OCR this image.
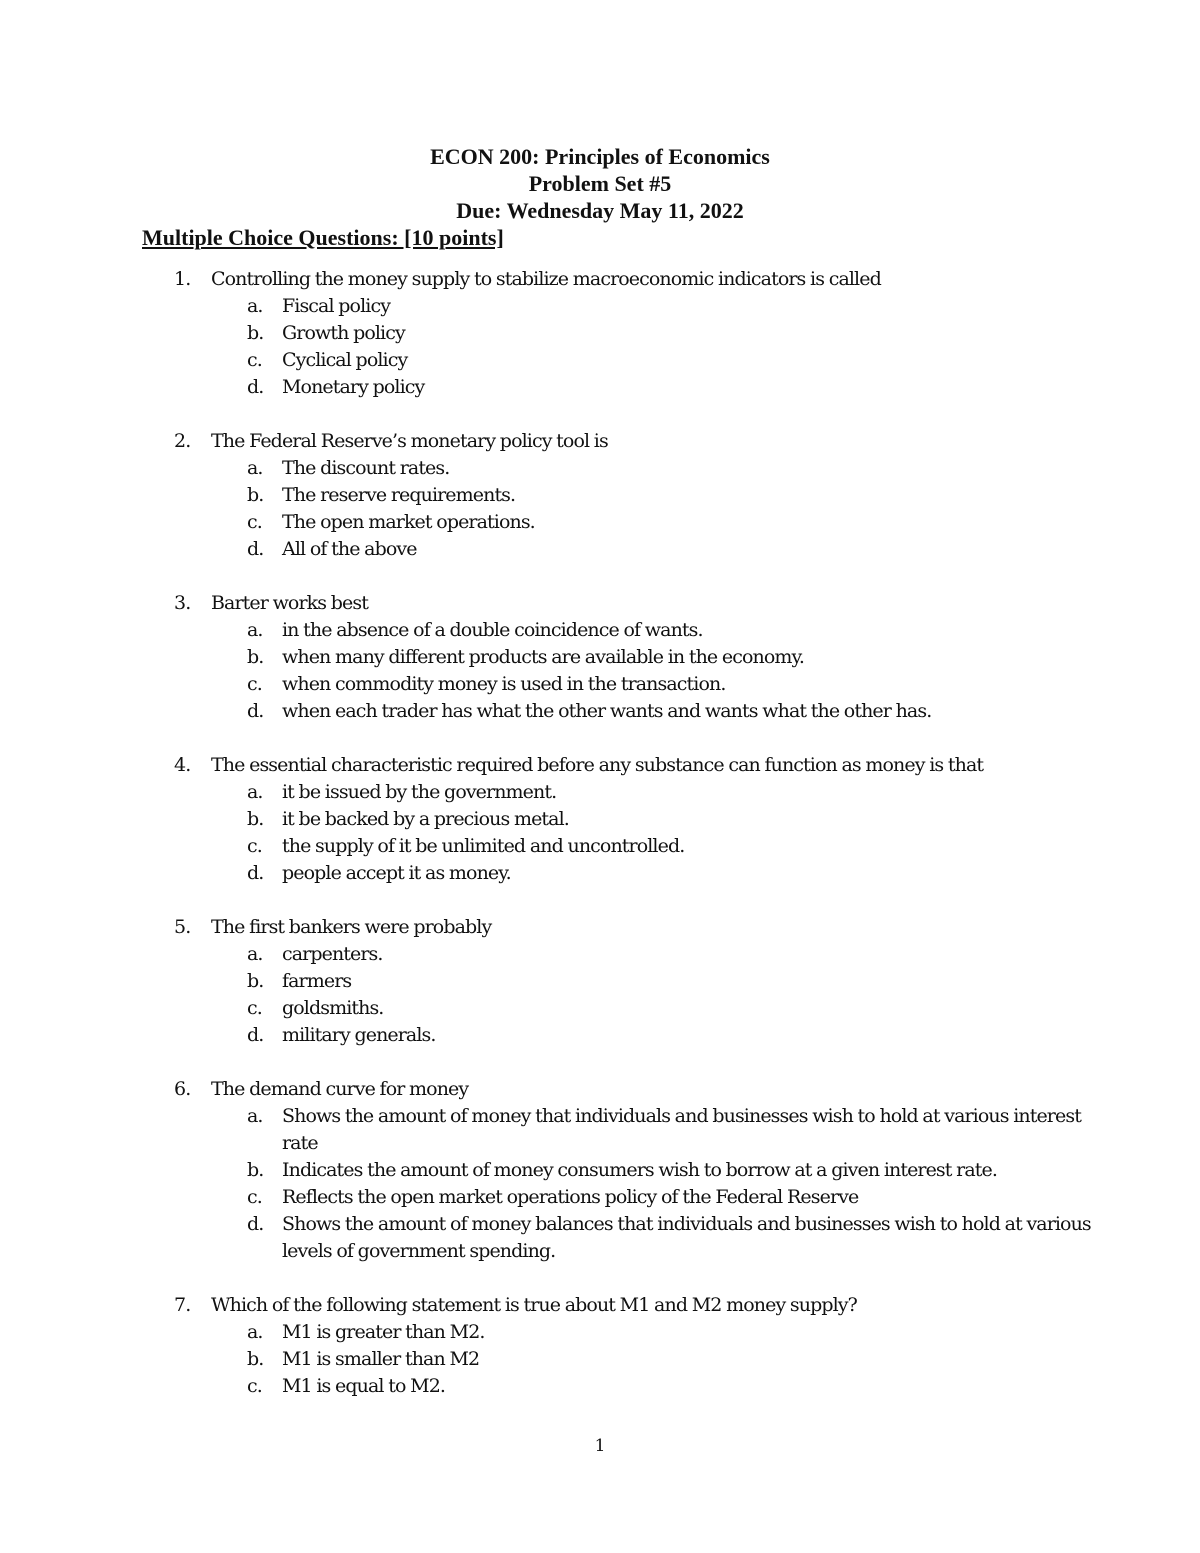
ECON 200: Principles of Economics
Problem Set #5
Due: Wednesday May 11, 2022
Multiple Choice Questions: [10 points]
1.	Controlling the money supply to stabilize macroeconomic indicators is called
a.	Fiscal policy
b. Growth policy
c.	Cyclical policy
d. Monetary policy
2.	The Federal Reserve’s monetary policy tool is
a.	The discount rates.
b. The reserve requirements.
c.	The open market operations.
d. All of the above
3.	Barter works best
a.	in the absence of a double coincidence of wants.
b. when many different products are available in the economy.
c.	when commodity money is used in the transaction.
d. when each trader has what the other wants and wants what the other has.
4.	The essential characteristic required before any substance can function as money is that
a.	it be issued by the government.
b. it be backed by a precious metal.
c.	the supply of it be unlimited and uncontrolled.
d. people accept it as money.
5.	The first bankers were probably
a.	carpenters.
b. farmers
c.	goldsmiths.
d. military generals.
6.	The demand curve for money
a.	Shows the amount of money that individuals and businesses wish to hold at various interest rate
b. Indicates the amount of money consumers wish to borrow at a given interest rate.
c.	Reflects the open market operations policy of the Federal Reserve
d. Shows the amount of money balances that individuals and businesses wish to hold at various levels of government spending.
7.	Which of the following statement is true about M1 and M2 money supply?
a.	M1 is greater than M2.
b. M1 is smaller than M2
c.	M1 is equal to M2.
1
